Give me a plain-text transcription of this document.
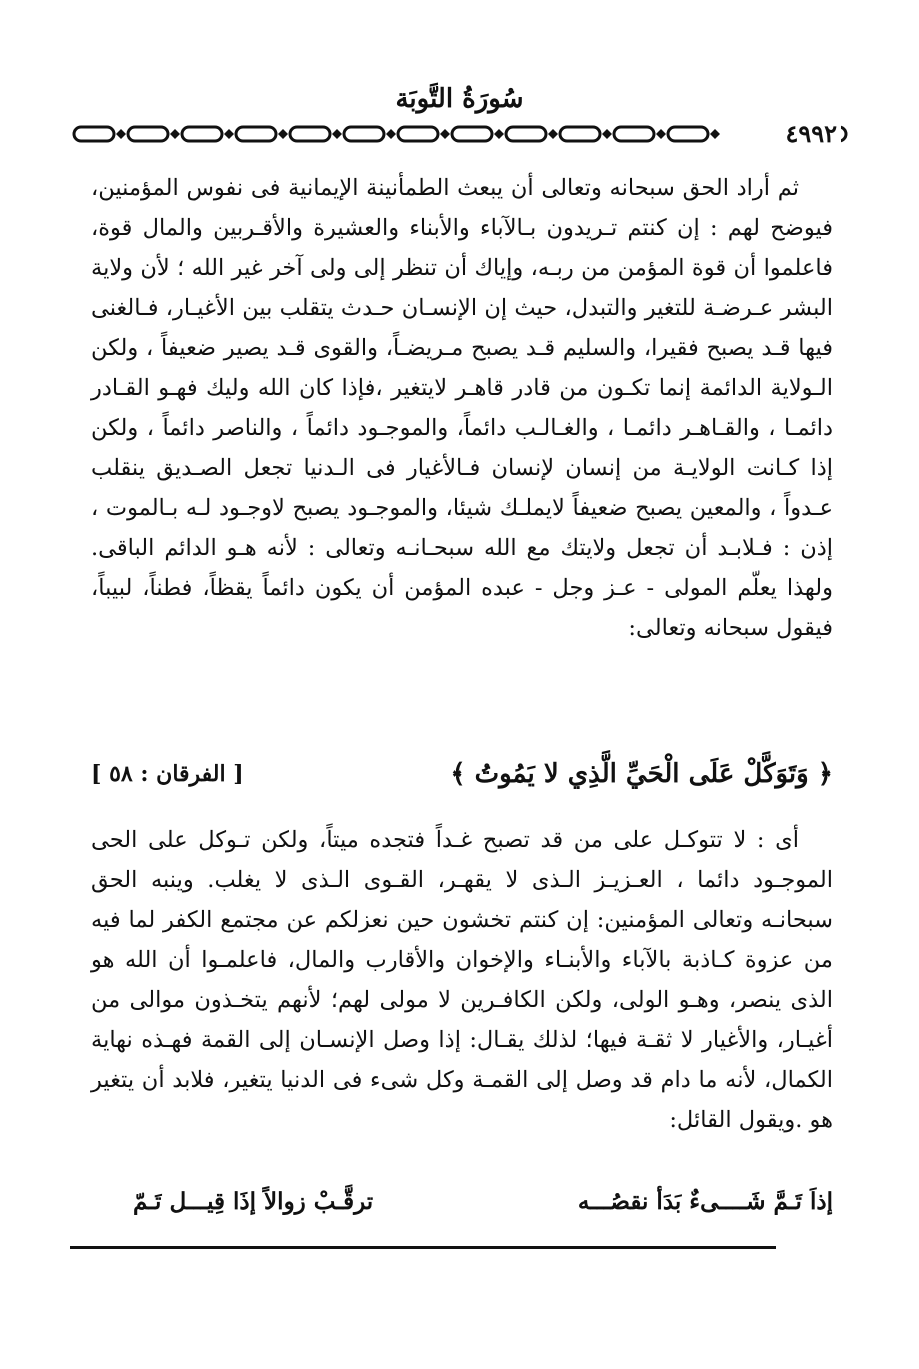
سُورَةُ التَّوبَة
٤٩٩٢

ثم أراد الحق سبحانه وتعالى أن يبعث الطمأنينة الإيمانية فى نفوس المؤمنين، فيوضح لهم : إن كنتم تـريدون بـالآباء والأبناء والعشيرة والأقـربين والمال قوة، فاعلموا أن قوة المؤمن من ربـه، وإياك أن تنظر إلى ولى آخر غير الله ؛ لأن ولاية البشر عـرضـة للتغير والتبدل، حيث إن الإنسـان حـدث يتقلب بين الأغيـار، فـالغنى فيها قـد يصبح فقيرا، والسليم قـد يصبح مـريضـاً، والقوى قـد يصير ضعيفاً ، ولكن الـولاية الدائمة إنما تكـون من قادر قاهـر لايتغير ،فإذا كان الله وليك فهـو القـادر دائمـا ، والقـاهـر دائمـا ، والغـالـب دائماً، والموجـود دائماً ، والناصر دائماً ، ولكن إذا كـانت الولايـة من إنسان لإنسان فـالأغيار فى الـدنيا تجعل الصـديق ينقلب عـدواً ، والمعين يصبح ضعيفاً لايملـك شيئا، والموجـود يصبح لاوجـود لـه بـالموت ، إذن : فـلابـد أن تجعل ولايتك مع الله سبحـانـه وتعالى : لأنه هـو الدائم الباقى. ولهذا يعلّم المولى - عـز وجل - عبده المؤمن أن يكون دائماً يقظاً، فطناً، لبيباً، فيقول سبحانه وتعالى:

﴿ وَتَوَكَّلْ عَلَى الْحَيِّ الَّذِي لا يَمُوتُ ﴾
[ الفرقان : ٥٨ ]

أى : لا تتوكـل على من قد تصبح غـداً فتجده ميتاً، ولكن تـوكل على الحى الموجـود دائما ، العـزيـز الـذى لا يقهـر، القـوى الـذى لا يغلب. وينبه الحق سبحانـه وتعالى المؤمنين: إن كنتم تخشون حين نعزلكم عن مجتمع الكفر لما فيه من عزوة كـاذبة بالآباء والأبنـاء والإخوان والأقارب والمال، فاعلمـوا أن الله هو الذى ينصر، وهـو الولى، ولكن الكافـرين لا مولى لهم؛ لأنهم يتخـذون موالى من أغيـار، والأغيار لا ثقـة فيها؛ لذلك يقـال: إذا وصل الإنسـان إلى القمة فهـذه نهاية الكمال، لأنه ما دام قد وصل إلى القمـة وكل شىء فى الدنيا يتغير، فلابد أن يتغير هو .ويقول القائل:

إذاَ تَـمَّ شَــــىءٌ بَدَأ نقصُـــه
ترقَّـبْ زوالاً إذَا قِيـــل تَـمّ
